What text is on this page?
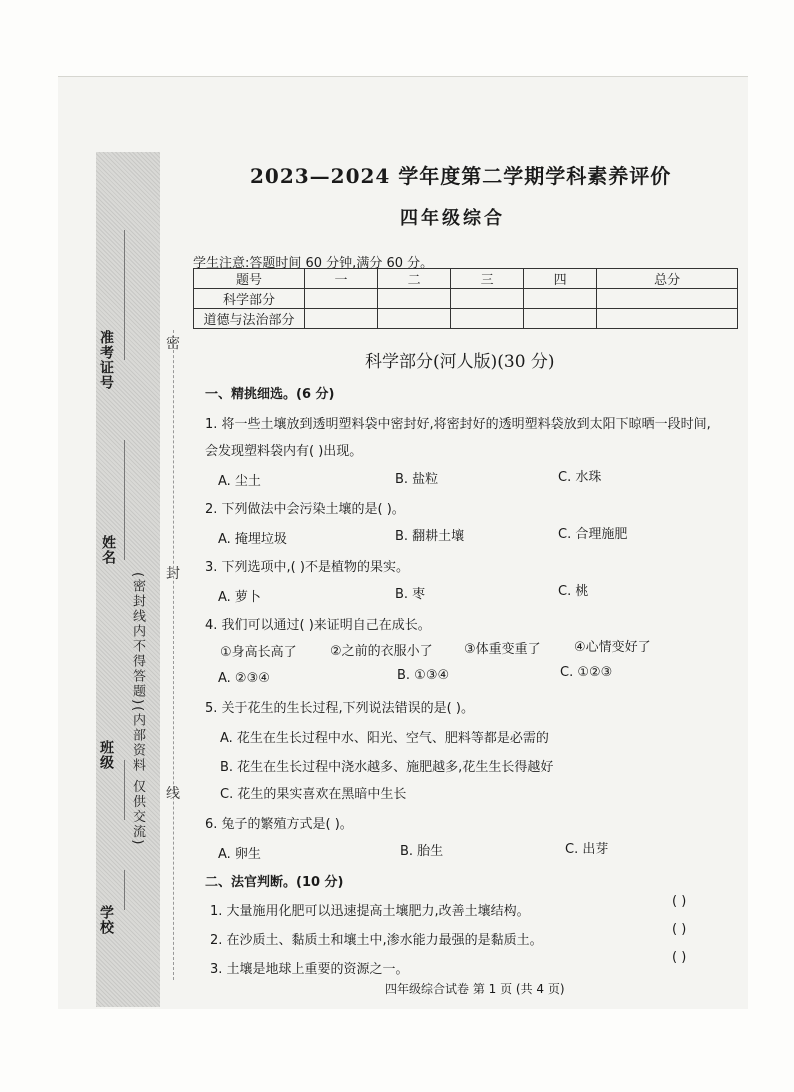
准考证号
姓名
班级
学校
(密封线内不得答题)(内部资料 仅供交流)
密
封
线
2023—2024 学年度第二学期学科素养评价
四年级综合
学生注意:答题时间 60 分钟,满分 60 分。
题号	一	二	三	四	总分
科学部分					
道德与法治部分					
科学部分(河人版)(30 分)
一、精挑细选。(6 分)
1. 将一些土壤放到透明塑料袋中密封好,将密封好的透明塑料袋放到太阳下晾晒一段时间,
会发现塑料袋内有( )出现。
A. 尘土	B. 盐粒	C. 水珠
2. 下列做法中会污染土壤的是( )。
A. 掩埋垃圾	B. 翻耕土壤	C. 合理施肥
3. 下列选项中,( )不是植物的果实。
A. 萝卜	B. 枣	C. 桃
4. 我们可以通过( )来证明自己在成长。
①身高长高了	②之前的衣服小了 ③体重变重了	④心情变好了
A. ②③④	B. ①③④	C. ①②③
5. 关于花生的生长过程,下列说法错误的是( )。
A. 花生在生长过程中水、阳光、空气、肥料等都是必需的
B. 花生在生长过程中浇水越多、施肥越多,花生生长得越好
C. 花生的果实喜欢在黑暗中生长
6. 兔子的繁殖方式是( )。
A. 卵生	B. 胎生	C. 出芽
二、法官判断。(10 分)
1. 大量施用化肥可以迅速提高土壤肥力,改善土壤结构。
( )
2. 在沙质土、黏质土和壤土中,渗水能力最强的是黏质土。
( )
3. 土壤是地球上重要的资源之一。
( )
四年级综合试卷 第 1 页 (共 4 页)
